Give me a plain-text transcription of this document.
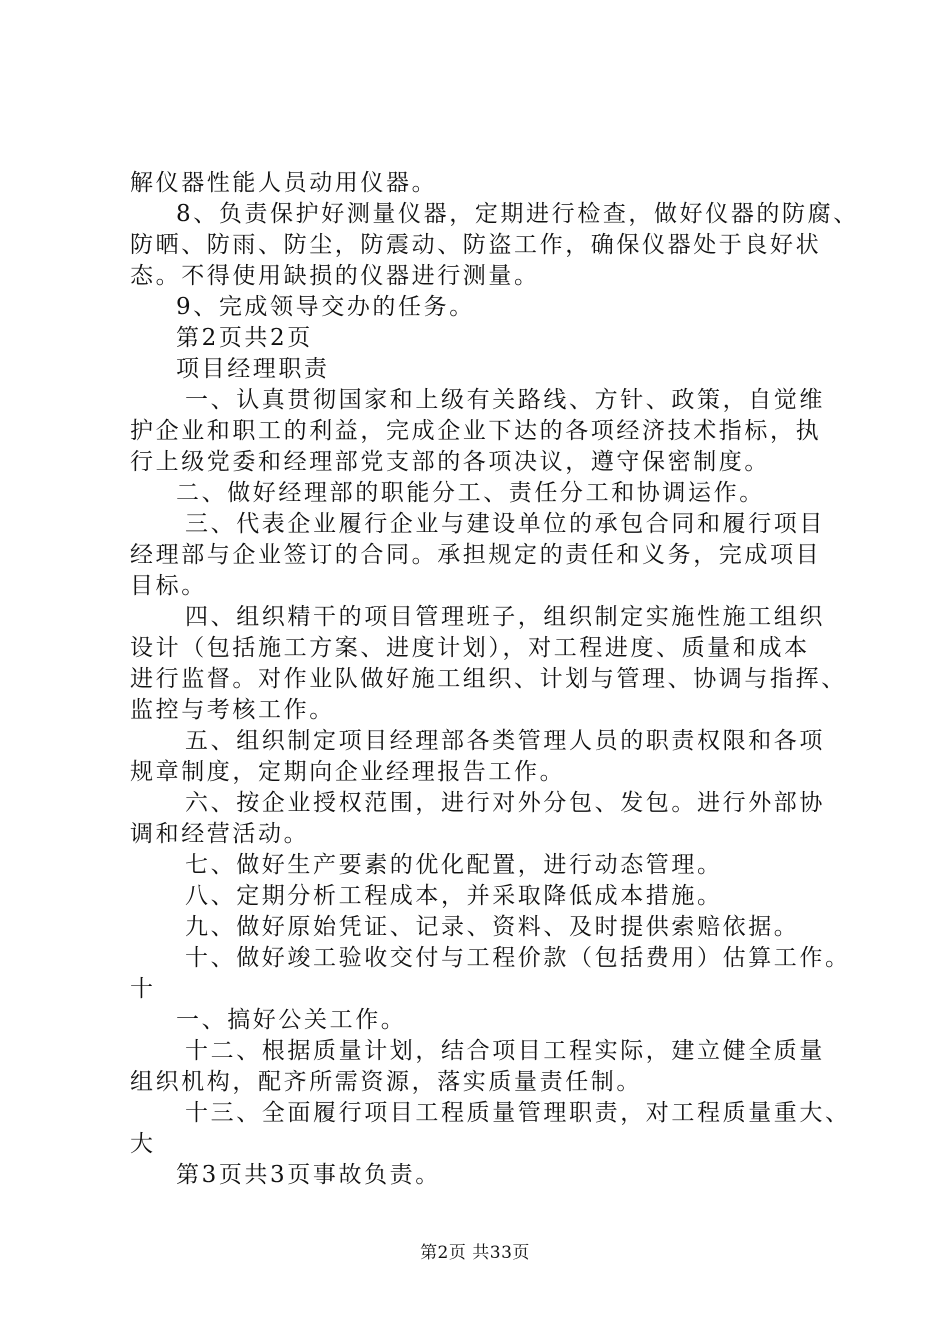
解仪器性能人员动用仪器。
8、负责保护好测量仪器，定期进行检查，做好仪器的防腐、
防晒、防雨、防尘，防震动、防盗工作，确保仪器处于良好状
态。不得使用缺损的仪器进行测量。
9、完成领导交办的任务。
第2页共2页
项目经理职责
一、认真贯彻国家和上级有关路线、方针、政策，自觉维
护企业和职工的利益，完成企业下达的各项经济技术指标，执
行上级党委和经理部党支部的各项决议，遵守保密制度。
二、做好经理部的职能分工、责任分工和协调运作。
三、代表企业履行企业与建设单位的承包合同和履行项目
经理部与企业签订的合同。承担规定的责任和义务，完成项目
目标。
四、组织精干的项目管理班子，组织制定实施性施工组织
设计（包括施工方案、进度计划），对工程进度、质量和成本
进行监督。对作业队做好施工组织、计划与管理、协调与指挥、
监控与考核工作。
五、组织制定项目经理部各类管理人员的职责权限和各项
规章制度，定期向企业经理报告工作。
六、按企业授权范围，进行对外分包、发包。进行外部协
调和经营活动。
七、做好生产要素的优化配置，进行动态管理。
八、定期分析工程成本，并采取降低成本措施。
九、做好原始凭证、记录、资料、及时提供索赔依据。
十、做好竣工验收交付与工程价款（包括费用）估算工作。
十
一、搞好公关工作。
十二、根据质量计划，结合项目工程实际，建立健全质量
组织机构，配齐所需资源，落实质量责任制。
十三、全面履行项目工程质量管理职责，对工程质量重大、
大
第3页共3页事故负责。
第2页 共33页
